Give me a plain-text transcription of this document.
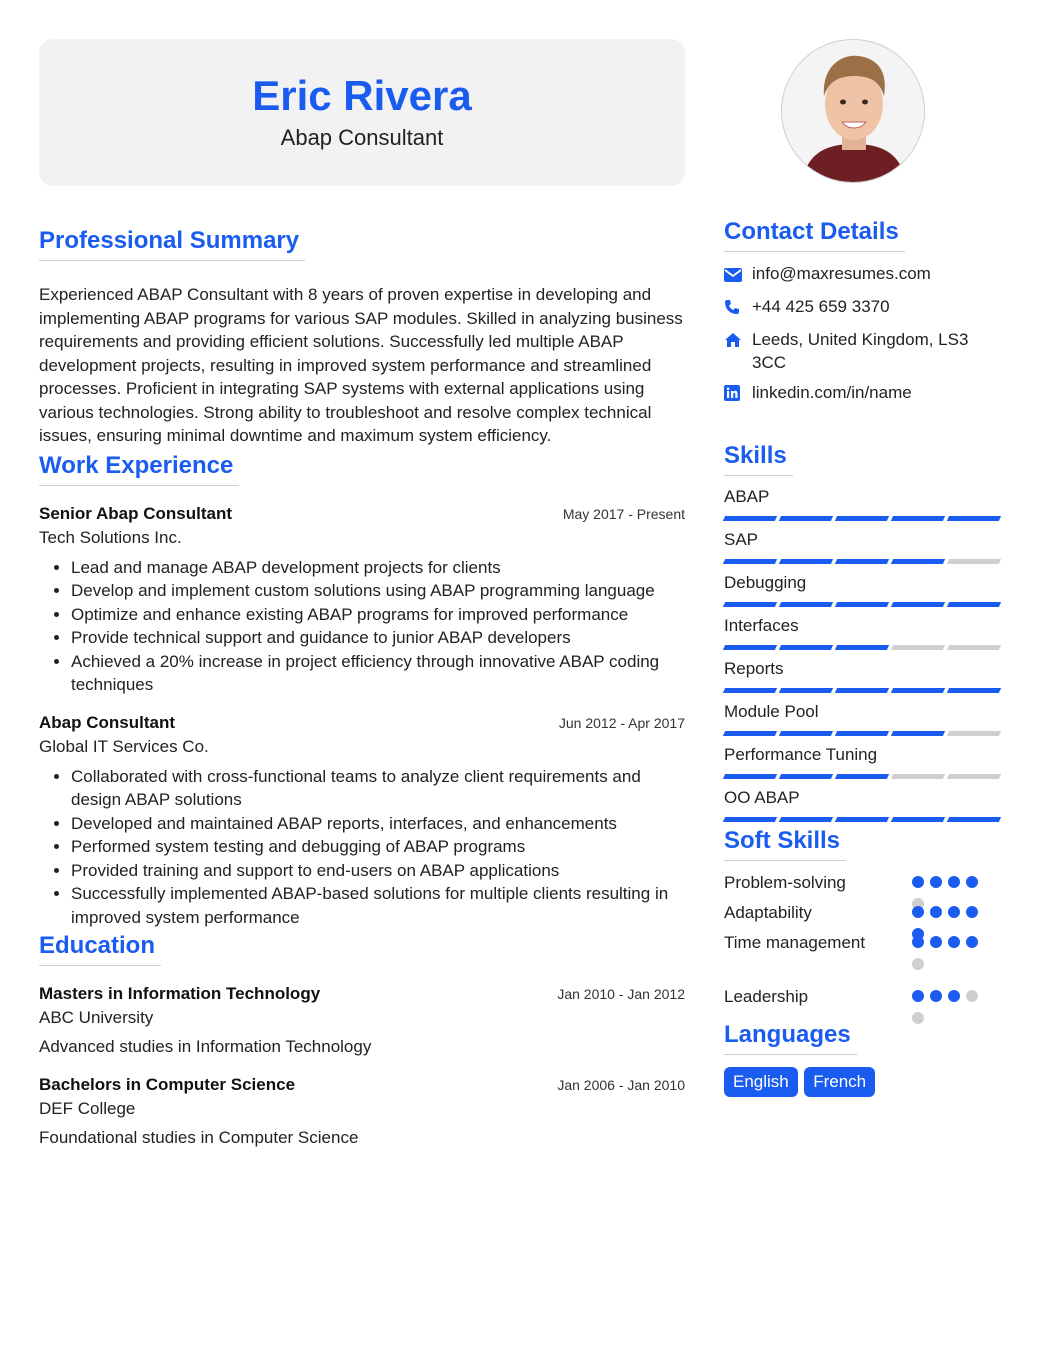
Eric Rivera
Abap Consultant
Professional Summary

Experienced ABAP Consultant with 8 years of proven expertise in developing and implementing ABAP programs for various SAP modules. Skilled in analyzing business requirements and providing efficient solutions. Successfully led multiple ABAP development projects, resulting in improved system performance and streamlined processes. Proficient in integrating SAP systems with external applications using various technologies. Strong ability to troubleshoot and resolve complex technical issues, ensuring minimal downtime and maximum system efficiency.

Work Experience
Senior Abap Consultant	May 2017 - Present
Tech Solutions Inc.
• Lead and manage ABAP development projects for clients
• Develop and implement custom solutions using ABAP programming language
• Optimize and enhance existing ABAP programs for improved performance
• Provide technical support and guidance to junior ABAP developers
• Achieved a 20% increase in project efficiency through innovative ABAP coding techniques
Abap Consultant	Jun 2012 - Apr 2017
Global IT Services Co.
• Collaborated with cross-functional teams to analyze client requirements and design ABAP solutions
• Developed and maintained ABAP reports, interfaces, and enhancements
• Performed system testing and debugging of ABAP programs
• Provided training and support to end-users on ABAP applications
• Successfully implemented ABAP-based solutions for multiple clients resulting in improved system performance
Education
Masters in Information Technology	Jan 2010 - Jan 2012
ABC University
Advanced studies in Information Technology
Bachelors in Computer Science	Jan 2006 - Jan 2010
DEF College
Foundational studies in Computer Science
Contact Details
info@maxresumes.com
+44 425 659 3370
Leeds, United Kingdom, LS3 3CC
linkedin.com/in/name
Skills
ABAP
SAP
Debugging
Interfaces
Reports
Module Pool
Performance Tuning
OO ABAP
Soft Skills
Problem-solving
Adaptability
Time management
Leadership
Languages
English French
